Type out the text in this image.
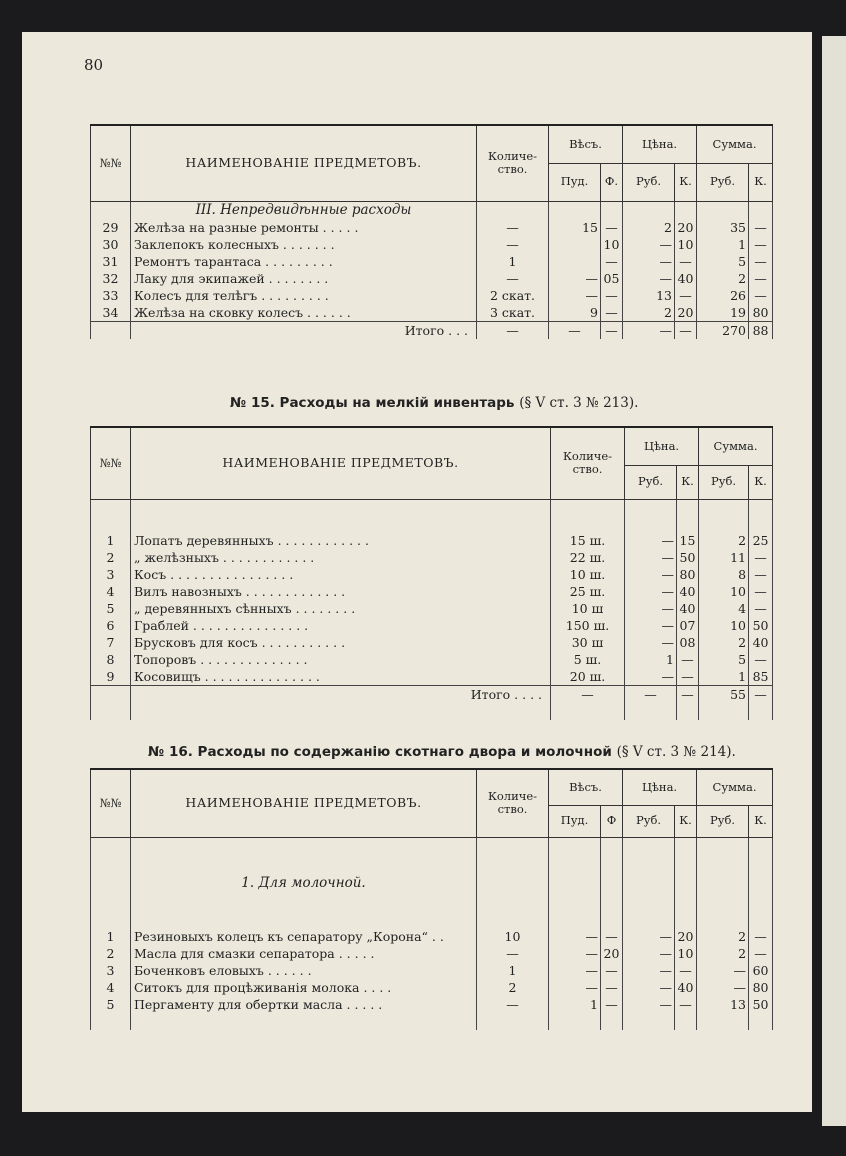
80
№№	НАИМЕНОВАНІЕ ПРЕДМЕТОВЪ.	Количе-ство.	Вѣсъ.		Цѣна.		Сумма.	
			Пуд.	Ф.	Руб.	К.	Руб.	К.
	III. Непредвидѣнные расходы							
29	Желѣза на разные ремонты . . . . .	—	15	—	2	20	35	—
30	Заклепокъ колесныхъ . . . . . . .	—		10	—	10	1	—
31	Ремонтъ тарантаса . . . . . . . . .	1		—	—	—	5	—
32	Лаку для экипажей . . . . . . . .	—	—	05	—	40	2	—
33	Колесъ для телѣгъ . . . . . . . . .	2 скат.	—	—	13	—	26	—
34	Желѣза на сковку колесъ . . . . . .	3 скат.	9	—	2	20	19	80
	Итого . . .	—	—	—	—	—	270	88
№ 15. Расходы на мелкій инвентарь (§ V ст. 3 № 213).
№№	НАИМЕНОВАНІЕ ПРЕДМЕТОВЪ.	Количе-ство.	Цѣна.		Сумма.	
			Руб.	К.	Руб.	К.

1	Лопатъ деревянныхъ . . . . . . . . . . . .	15 ш.	—	15	2	25
2	„ желѣзныхъ . . . . . . . . . . . .	22 ш.	—	50	11	—
3	Косъ . . . . . . . . . . . . . . . .	10 ш.	—	80	8	—
4	Вилъ навозныхъ . . . . . . . . . . . . .	25 ш.	—	40	10	—
5	„ деревянныхъ сѣнныхъ . . . . . . . .	10 ш	—	40	4	—
6	Граблей . . . . . . . . . . . . . . .	150 ш.	—	07	10	50
7	Брусковъ для косъ . . . . . . . . . . .	30 ш	—	08	2	40
8	Топоровъ . . . . . . . . . . . . . .	5 ш.	1	—	5	—
9	Косовищъ . . . . . . . . . . . . . . .	20 ш.	—	—	1	85
	Итого . . . .	—	—	—	55	—

№ 16. Расходы по содержанію скотнаго двора и молочной (§ V ст. 3 № 214).
№№	НАИМЕНОВАНІЕ ПРЕДМЕТОВЪ.	Количе-ство.	Вѣсъ.		Цѣна.		Сумма.	
			Пуд.	Ф	Руб.	К.	Руб.	К.
	1. Для молочной.							
1	Резиновыхъ колецъ къ сепаратору „Корона“ . .	10	—	—	—	20	2	—
2	Масла для смазки сепаратора . . . . .	—	—	20	—	10	2	—
3	Боченковъ еловыхъ . . . . . .	1	—	—	—	—	—	60
4	Ситокъ для процѣживанія молока . . . .	2	—	—	—	40	—	80
5	Пергаменту для обертки масла . . . . .	—	1	—	—	—	13	50
